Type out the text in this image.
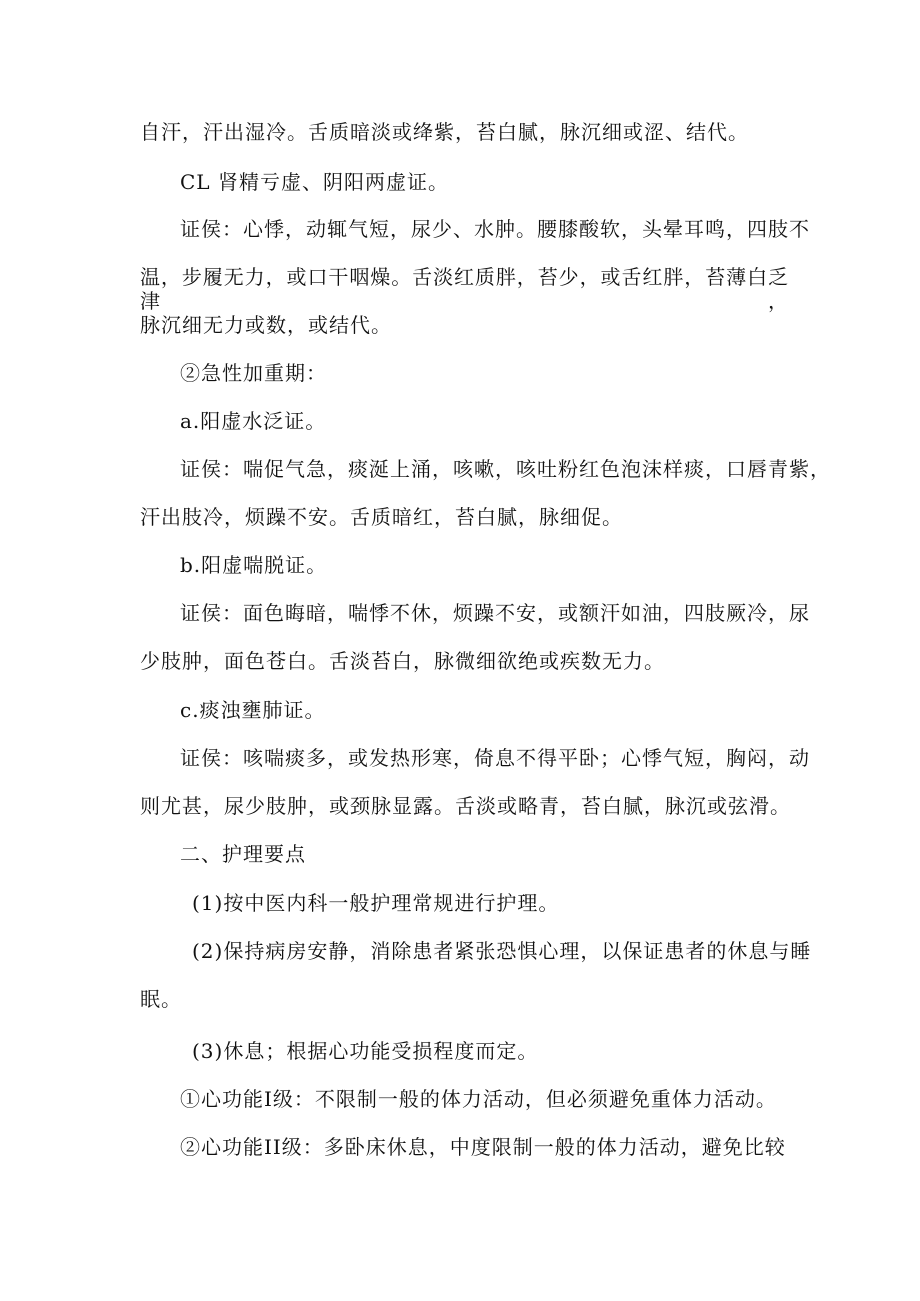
自汗，汗出湿冷。舌质暗淡或绛紫，苔白腻，脉沉细或涩、结代。
CL 肾精亏虚、阴阳两虚证。
证侯：心悸，动辄气短，尿少、水肿。腰膝酸软，头晕耳鸣，四肢不
温，步履无力，或口干咽燥。舌淡红质胖，苔少，或舌红胖，苔薄白乏津，
脉沉细无力或数，或结代。
②急性加重期：
a.阳虚水泛证。
证侯：喘促气急，痰涎上涌，咳嗽，咳吐粉红色泡沫样痰，口唇青紫，
汗出肢冷，烦躁不安。舌质暗红，苔白腻，脉细促。
b.阳虚喘脱证。
证侯：面色晦暗，喘悸不休，烦躁不安，或额汗如油，四肢厥冷，尿
少肢肿，面色苍白。舌淡苔白，脉微细欲绝或疾数无力。
c.痰浊壅肺证。
证侯：咳喘痰多，或发热形寒，倚息不得平卧；心悸气短，胸闷，动
则尤甚，尿少肢肿，或颈脉显露。舌淡或略青，苔白腻，脉沉或弦滑。
二、护理要点
(1)按中医内科一般护理常规进行护理。
(2)保持病房安静，消除患者紧张恐惧心理，以保证患者的休息与睡
眠。
(3)休息；根据心功能受损程度而定。
①心功能Ⅰ级：不限制一般的体力活动，但必须避免重体力活动。
②心功能II级：多卧床休息，中度限制一般的体力活动，避免比较
